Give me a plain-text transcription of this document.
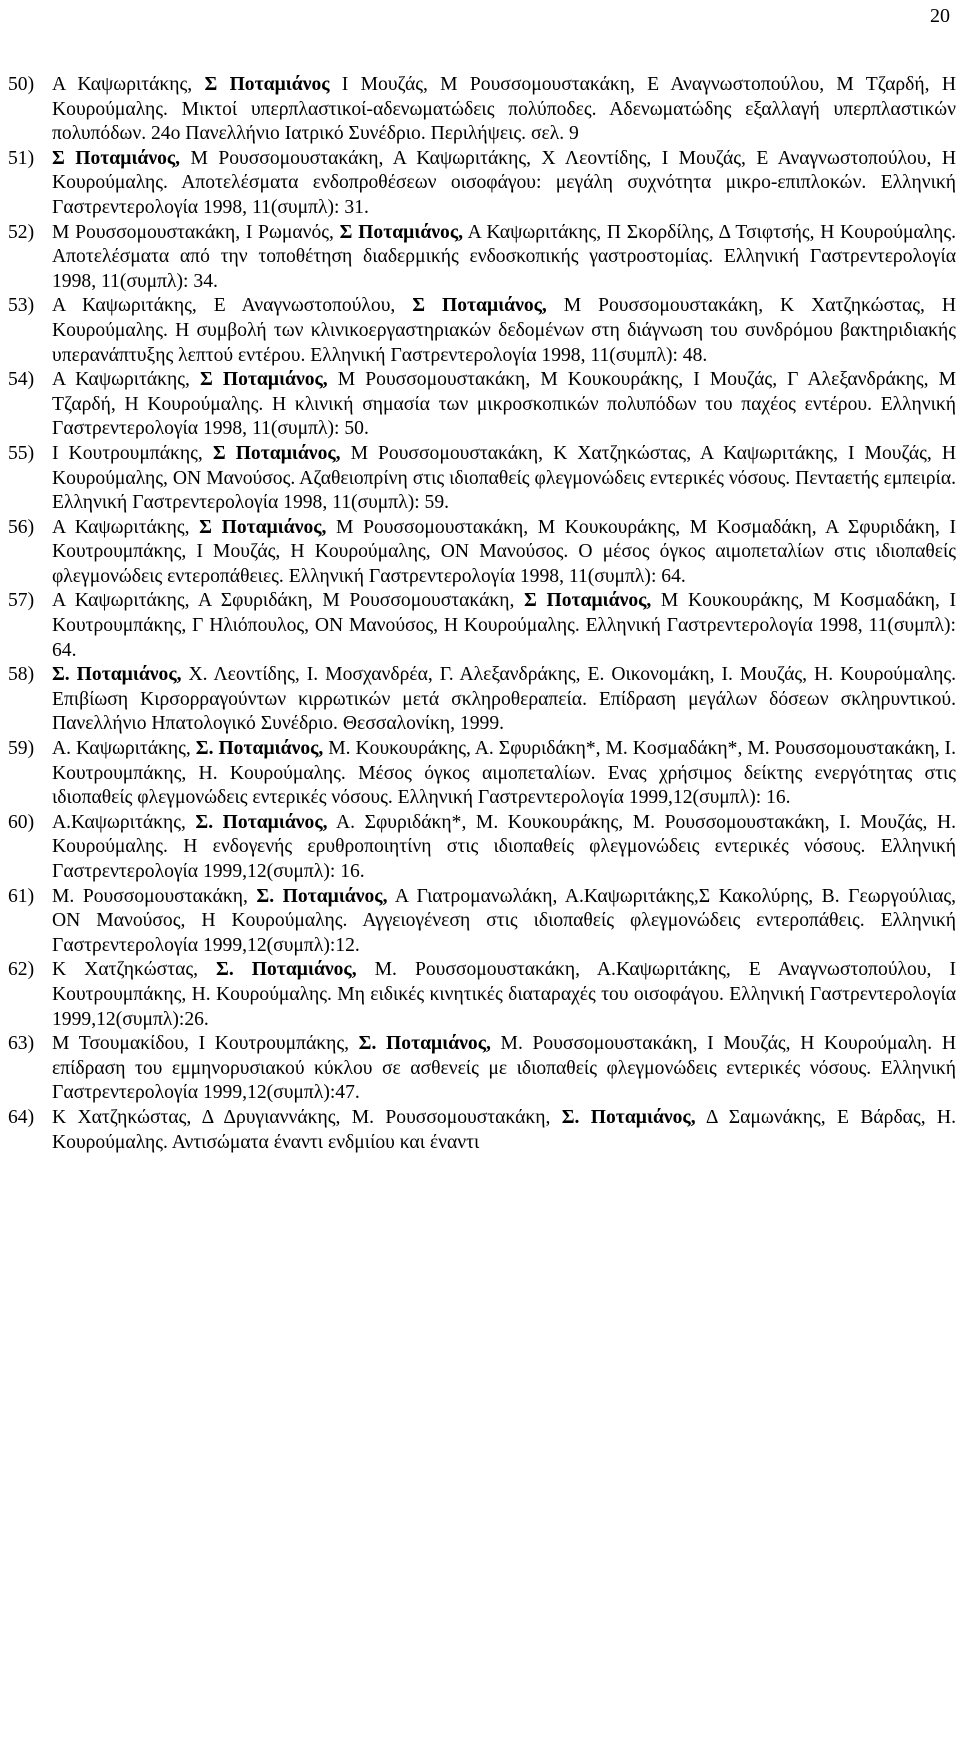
20
50) Α Καψωριτάκης, Σ Ποταμιάνος Ι Μουζάς, Μ Ρουσσομουστακάκη, Ε Αναγνωστοπούλου, Μ Τζαρδή, Η Κουρούμαλης. Μικτοί υπερπλαστικοί-αδενωματώδεις πολύποδες. Αδενωματώδης εξαλλαγή υπερπλαστικών πολυπόδων. 24ο Πανελλήνιο Ιατρικό Συνέδριο. Περιλήψεις. σελ. 9
51) Σ Ποταμιάνος, Μ Ρουσσομουστακάκη, Α Καψωριτάκης, Χ Λεοντίδης, Ι Μουζάς, Ε Αναγνωστοπούλου, Η Κουρούμαλης. Αποτελέσματα ενδοπροθέσεων οισοφάγου: μεγάλη συχνότητα μικρο-επιπλοκών. Ελληνική Γαστρεντερολογία 1998, 11(συμπλ): 31.
52) Μ Ρουσσομουστακάκη, Ι Ρωμανός, Σ Ποταμιάνος, Α Καψωριτάκης, Π Σκορδίλης, Δ Τσιφτσής, Η Κουρούμαλης. Αποτελέσματα από την τοποθέτηση διαδερμικής ενδοσκοπικής γαστροστομίας. Ελληνική Γαστρεντερολογία 1998, 11(συμπλ): 34.
53) Α Καψωριτάκης, Ε Αναγνωστοπούλου, Σ Ποταμιάνος, Μ Ρουσσομουστακάκη, Κ Χατζηκώστας, Η Κουρούμαλης. Η συμβολή των κλινικοεργαστηριακών δεδομένων στη διάγνωση του συνδρόμου βακτηριδιακής υπερανάπτυξης λεπτού εντέρου. Ελληνική Γαστρεντερολογία 1998, 11(συμπλ): 48.
54) Α Καψωριτάκης, Σ Ποταμιάνος, Μ Ρουσσομουστακάκη, Μ Κουκουράκης, Ι Μουζάς, Γ Αλεξανδράκης, Μ Τζαρδή, Η Κουρούμαλης. Η κλινική σημασία των μικροσκοπικών πολυπόδων του παχέος εντέρου. Ελληνική Γαστρεντερολογία 1998, 11(συμπλ): 50.
55) Ι Κουτρουμπάκης, Σ Ποταμιάνος, Μ Ρουσσομουστακάκη, Κ Χατζηκώστας, Α Καψωριτάκης, Ι Μουζάς, Η Κουρούμαλης, ΟΝ Μανούσος. Αζαθειοπρίνη στις ιδιοπαθείς φλεγμονώδεις εντερικές νόσους. Πενταετής εμπειρία. Ελληνική Γαστρεντερολογία 1998, 11(συμπλ): 59.
56) Α Καψωριτάκης, Σ Ποταμιάνος, Μ Ρουσσομουστακάκη, Μ Κουκουράκης, Μ Κοσμαδάκη, Α Σφυριδάκη, Ι Κουτρουμπάκης, Ι Μουζάς, Η Κουρούμαλης, ΟΝ Μανούσος. Ο μέσος όγκος αιμοπεταλίων στις ιδιοπαθείς φλεγμονώδεις εντεροπάθειες. Ελληνική Γαστρεντερολογία 1998, 11(συμπλ): 64.
57) Α Καψωριτάκης, Α Σφυριδάκη, Μ Ρουσσομουστακάκη, Σ Ποταμιάνος, Μ Κουκουράκης, Μ Κοσμαδάκη, Ι Κουτρουμπάκης, Γ Ηλιόπουλος, ΟΝ Μανούσος, Η Κουρούμαλης. Ελληνική Γαστρεντερολογία 1998, 11(συμπλ): 64.
58) Σ. Ποταμιάνος, Χ. Λεοντίδης, Ι. Μοσχανδρέα, Γ. Αλεξανδράκης, Ε. Οικονομάκη, Ι. Μουζάς, Η. Κουρούμαλης. Επιβίωση Κιρσορραγούντων κιρρωτικών μετά σκληροθεραπεία. Επίδραση μεγάλων δόσεων σκληρυντικού. Πανελλήνιο Ηπατολογικό Συνέδριο. Θεσσαλονίκη, 1999.
59) Α. Καψωριτάκης, Σ. Ποταμιάνος, Μ. Κουκουράκης, Α. Σφυριδάκη*, Μ. Κοσμαδάκη*, Μ. Ρουσσομουστακάκη, Ι. Κουτρουμπάκης, Η. Κουρούμαλης. Μέσος όγκος αιμοπεταλίων. Ενας χρήσιμος δείκτης ενεργότητας στις ιδιοπαθείς φλεγμονώδεις εντερικές νόσους. Ελληνική Γαστρεντερολογία 1999,12(συμπλ): 16.
60) Α.Καψωριτάκης, Σ. Ποταμιάνος, Α. Σφυριδάκη*, Μ. Κουκουράκης, Μ. Ρουσσομουστακάκη, Ι. Μουζάς, Η. Κουρούμαλης. Η ενδογενής ερυθροποιητίνη στις ιδιοπαθείς φλεγμονώδεις εντερικές νόσους. Ελληνική Γαστρεντερολογία 1999,12(συμπλ): 16.
61) Μ. Ρουσσομουστακάκη, Σ. Ποταμιάνος, Α Γιατρομανωλάκη, Α.Καψωριτάκης,Σ Κακολύρης, Β. Γεωργούλιας, ΟΝ Μανούσος, Η Κουρούμαλης. Αγγειογένεση στις ιδιοπαθείς φλεγμονώδεις εντεροπάθεις. Ελληνική Γαστρεντερολογία 1999,12(συμπλ):12.
62) Κ Χατζηκώστας, Σ. Ποταμιάνος, Μ. Ρουσσομουστακάκη, Α.Καψωριτάκης, Ε Αναγνωστοπούλου, Ι Κουτρουμπάκης, Η. Κουρούμαλης. Μη ειδικές κινητικές διαταραχές του οισοφάγου. Ελληνική Γαστρεντερολογία 1999,12(συμπλ):26.
63) Μ Τσουμακίδου, Ι Κουτρουμπάκης, Σ. Ποταμιάνος, Μ. Ρουσσομουστακάκη, Ι Μουζάς, Η Κουρούμαλη. Η επίδραση του εμμηνορυσιακού κύκλου σε ασθενείς με ιδιοπαθείς φλεγμονώδεις εντερικές νόσους. Ελληνική Γαστρεντερολογία 1999,12(συμπλ):47.
64) Κ Χατζηκώστας, Δ Δρυγιαννάκης, Μ. Ρουσσομουστακάκη, Σ. Ποταμιάνος, Δ Σαμωνάκης, Ε Βάρδας, Η. Κουρούμαλης. Αντισώματα έναντι ενδμιίου και έναντι
